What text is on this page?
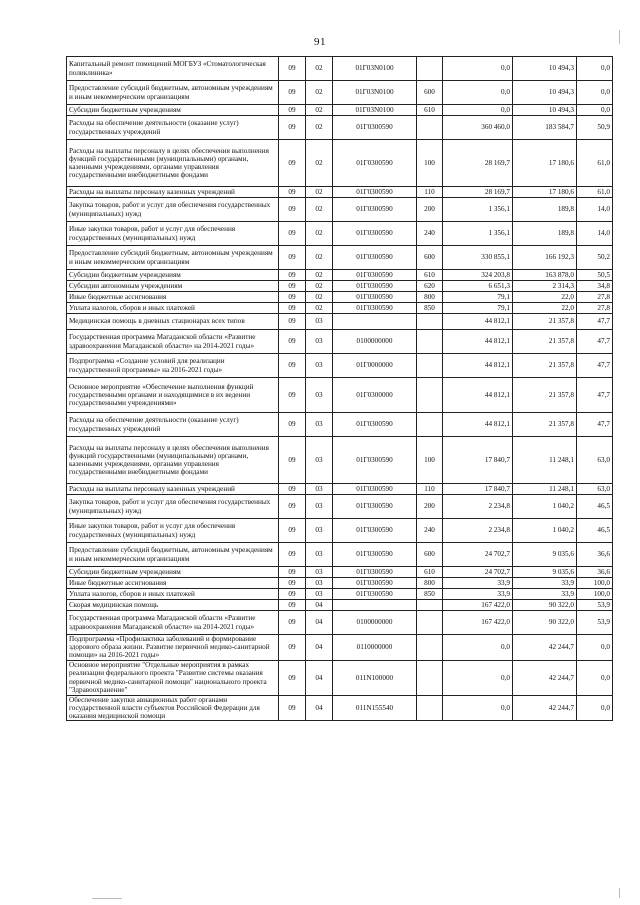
91
Капитальный ремонт помещений МОГБУЗ «Стоматологическая поликлиника»	09	02	01Г03N0100		0,0	10 494,3	0,0
Предоставление субсидий бюджетным, автономным учреждениям и иным некоммерческим организациям	09	02	01Г03N0100	600	0,0	10 494,3	0,0
Субсидии бюджетным учреждениям	09	02	01Г03N0100	610	0,0	10 494,3	0,0
Расходы на обеспечение деятельности (оказание услуг) государственных учреждений	09	02	01Г0300590		360 460,0	183 584,7	50,9
Расходы на выплаты персоналу в целях обеспечения выполнения функций государственными (муниципальными) органами, казенными учреждениями, органами управления государственными внебюджетными фондами	09	02	01Г0300590	100	28 169,7	17 180,6	61,0
Расходы на выплаты персоналу казенных учреждений	09	02	01Г0300590	110	28 169,7	17 180,6	61,0
Закупка товаров, работ и услуг для обеспечения государственных (муниципальных) нужд	09	02	01Г0300590	200	1 356,1	189,8	14,0
Иные закупки товаров, работ и услуг для обеспечения государственных (муниципальных) нужд	09	02	01Г0300590	240	1 356,1	189,8	14,0
Предоставление субсидий бюджетным, автономным учреждениям и иным некоммерческим организациям	09	02	01Г0300590	600	330 855,1	166 192,3	50,2
Субсидии бюджетным учреждениям	09	02	01Г0300590	610	324 203,8	163 878,0	50,5
Субсидии автономным учреждениям	09	02	01Г0300590	620	6 651,3	2 314,3	34,8
Иные бюджетные ассигнования	09	02	01Г0300590	800	79,1	22,0	27,8
Уплата налогов, сборов и иных платежей	09	02	01Г0300590	850	79,1	22,0	27,8
Медицинская помощь в дневных стационарах всех типов	09	03			44 812,1	21 357,8	47,7
Государственная программа Магаданской области «Развитие здравоохранения Магаданской области» на 2014-2021 годы»	09	03	0100000000		44 812,1	21 357,8	47,7
Подпрограмма «Создание условий для реализации государственной программы» на 2016-2021 годы»	09	03	01Г0000000		44 812,1	21 357,8	47,7
Основное мероприятие «Обеспечение выполнения функций государственными органами и находящимися в их ведении государственными учреждениями»	09	03	01Г0300000		44 812,1	21 357,8	47,7
Расходы на обеспечение деятельности (оказание услуг) государственных учреждений	09	03	01Г0300590		44 812,1	21 357,8	47,7
Расходы на выплаты персоналу в целях обеспечения выполнения функций государственными (муниципальными) органами, казенными учреждениями, органами управления государственными внебюджетными фондами	09	03	01Г0300590	100	17 840,7	11 248,1	63,0
Расходы на выплаты персоналу казенных учреждений	09	03	01Г0300590	110	17 840,7	11 248,1	63,0
Закупка товаров, работ и услуг для обеспечения государственных (муниципальных) нужд	09	03	01Г0300590	200	2 234,8	1 040,2	46,5
Иные закупки товаров, работ и услуг для обеспечения государственных (муниципальных) нужд	09	03	01Г0300590	240	2 234,8	1 040,2	46,5
Предоставление субсидий бюджетным, автономным учреждениям и иным некоммерческим организациям	09	03	01Г0300590	600	24 702,7	9 035,6	36,6
Субсидии бюджетным учреждениям	09	03	01Г0300590	610	24 702,7	9 035,6	36,6
Иные бюджетные ассигнования	09	03	01Г0300590	800	33,9	33,9	100,0
Уплата налогов, сборов и иных платежей	09	03	01Г0300590	850	33,9	33,9	100,0
Скорая медицинская помощь	09	04			167 422,0	90 322,0	53,9
Государственная программа Магаданской области «Развитие здравоохранения Магаданской области» на 2014-2021 годы»	09	04	0100000000		167 422,0	90 322,0	53,9
Подпрограмма «Профилактика заболеваний и формирование здорового образа жизни. Развитие первичной медико-санитарной помощи» на 2016-2021 годы»	09	04	0110000000		0,0	42 244,7	0,0
Основное мероприятие "Отдельные мероприятия в рамках реализации федерального проекта "Развитие системы оказания первичной медико-санитарной помощи" национального проекта "Здравоохранение"	09	04	011N100000		0,0	42 244,7	0,0
Обеспечение закупки авиационных работ органами государственной власти субъектов Российской Федерации для оказания медицинской помощи	09	04	011N155540		0,0	42 244,7	0,0
